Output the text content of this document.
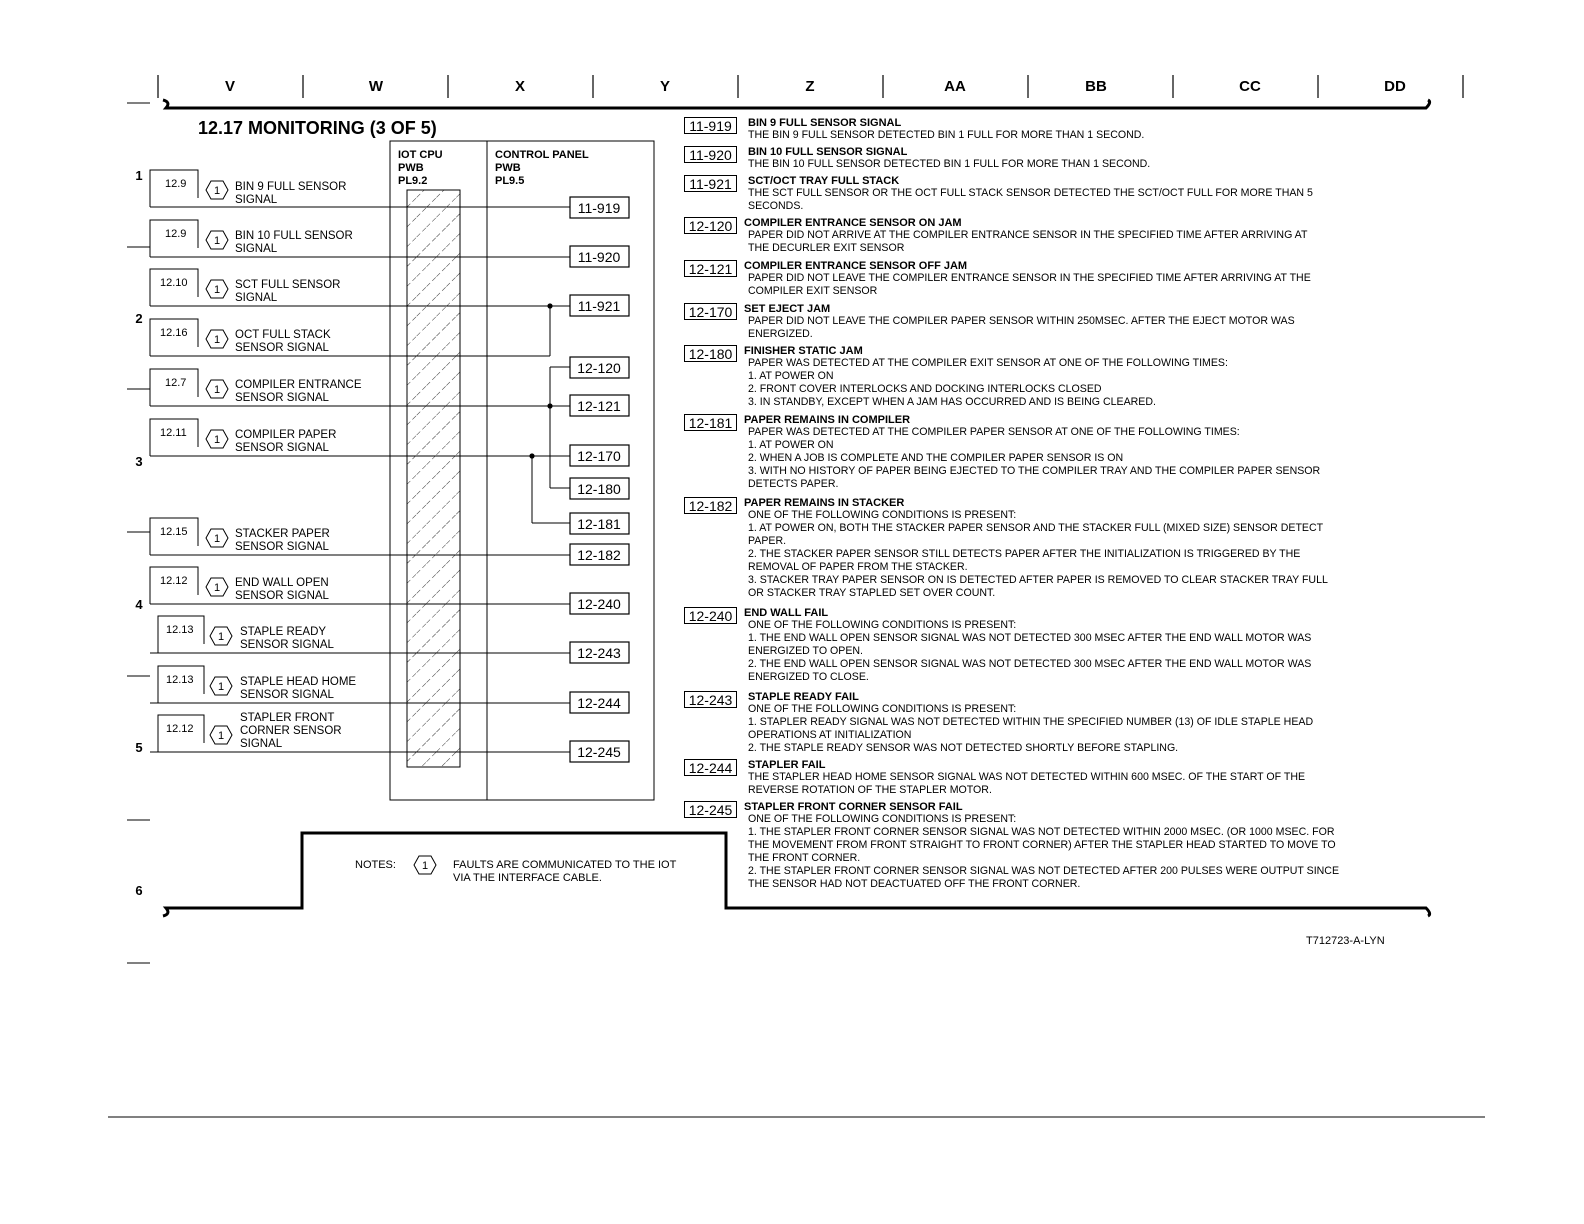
V	W	X	Y	Z	AA	BB	CC	DD
1
2
3
4
5
6
12.17 MONITORING (3 OF 5)
IOT CPU
PWB
PL9.2
CONTROL PANEL
PWB
PL9.5
12.9
1 BIN 9 FULL SENSOR
SIGNAL
12.9
1 BIN 10 FULL SENSOR
SIGNAL
12.10
1 SCT FULL SENSOR
SIGNAL
12.16
1 OCT FULL STACK
SENSOR SIGNAL
12.7
1 COMPILER ENTRANCE
SENSOR SIGNAL
12.11
1 COMPILER PAPER
SENSOR SIGNAL
12.15
1 STACKER PAPER
SENSOR SIGNAL
12.12
1 END WALL OPEN
SENSOR SIGNAL
12.13
1 STAPLE READY
SENSOR SIGNAL
12.13
1 STAPLE HEAD HOME
SENSOR SIGNAL
12.12
1
STAPLER FRONT
CORNER SENSOR
SIGNAL
11-919
11-920
11-921
12-120
12-121
12-170
12-180
12-181
12-182
12-240
12-243
12-244
12-245
NOTES: 1 FAULTS ARE COMMUNICATED TO THE IOT
VIA THE INTERFACE CABLE.
T712723-A-LYN
11-919	BIN 9 FULL SENSOR SIGNAL
THE BIN 9 FULL SENSOR DETECTED BIN 1 FULL FOR MORE THAN 1 SECOND.
11-920	BIN 10 FULL SENSOR SIGNAL
THE BIN 10 FULL SENSOR DETECTED BIN 1 FULL FOR MORE THAN 1 SECOND.
11-921	SCT/OCT TRAY FULL STACK
THE SCT FULL SENSOR OR THE OCT FULL STACK SENSOR DETECTED THE SCT/OCT FULL FOR MORE THAN 5
SECONDS.
12-120	COMPILER ENTRANCE SENSOR ON JAM
PAPER DID NOT ARRIVE AT THE COMPILER ENTRANCE SENSOR IN THE SPECIFIED TIME AFTER ARRIVING AT
THE DECURLER EXIT SENSOR
12-121	COMPILER ENTRANCE SENSOR OFF JAM
PAPER DID NOT LEAVE THE COMPILER ENTRANCE SENSOR IN THE SPECIFIED TIME AFTER ARRIVING AT THE
COMPILER EXIT SENSOR
12-170	SET EJECT JAM
PAPER DID NOT LEAVE THE COMPILER PAPER SENSOR WITHIN 250MSEC. AFTER THE EJECT MOTOR WAS
ENERGIZED.
12-180	FINISHER STATIC JAM
PAPER WAS DETECTED AT THE COMPILER EXIT SENSOR AT ONE OF THE FOLLOWING TIMES:
1. AT POWER ON
2. FRONT COVER INTERLOCKS AND DOCKING INTERLOCKS CLOSED
3. IN STANDBY, EXCEPT WHEN A JAM HAS OCCURRED AND IS BEING CLEARED.
12-181	PAPER REMAINS IN COMPILER
PAPER WAS DETECTED AT THE COMPILER PAPER SENSOR AT ONE OF THE FOLLOWING TIMES:
1. AT POWER ON
2. WHEN A JOB IS COMPLETE AND THE COMPILER PAPER SENSOR IS ON
3. WITH NO HISTORY OF PAPER BEING EJECTED TO THE COMPILER TRAY AND THE COMPILER PAPER SENSOR
DETECTS PAPER.
12-182	PAPER REMAINS IN STACKER
ONE OF THE FOLLOWING CONDITIONS IS PRESENT:
1. AT POWER ON, BOTH THE STACKER PAPER SENSOR AND THE STACKER FULL (MIXED SIZE) SENSOR DETECT
PAPER.
2. THE STACKER PAPER SENSOR STILL DETECTS PAPER AFTER THE INITIALIZATION IS TRIGGERED BY THE
REMOVAL OF PAPER FROM THE STACKER.
3. STACKER TRAY PAPER SENSOR ON IS DETECTED AFTER PAPER IS REMOVED TO CLEAR STACKER TRAY FULL
OR STACKER TRAY STAPLED SET OVER COUNT.
12-240	END WALL FAIL
ONE OF THE FOLLOWING CONDITIONS IS PRESENT:
1. THE END WALL OPEN SENSOR SIGNAL WAS NOT DETECTED 300 MSEC AFTER THE END WALL MOTOR WAS
ENERGIZED TO OPEN.
2. THE END WALL OPEN SENSOR SIGNAL WAS NOT DETECTED 300 MSEC AFTER THE END WALL MOTOR WAS
ENERGIZED TO CLOSE.
12-243	STAPLE READY FAIL
ONE OF THE FOLLOWING CONDITIONS IS PRESENT:
1. STAPLER READY SIGNAL WAS NOT DETECTED WITHIN THE SPECIFIED NUMBER (13) OF IDLE STAPLE HEAD
OPERATIONS AT INITIALIZATION
2. THE STAPLE READY SENSOR WAS NOT DETECTED SHORTLY BEFORE STAPLING.
12-244	STAPLER FAIL
THE STAPLER HEAD HOME SENSOR SIGNAL WAS NOT DETECTED WITHIN 600 MSEC. OF THE START OF THE
REVERSE ROTATION OF THE STAPLER MOTOR.
12-245	STAPLER FRONT CORNER SENSOR FAIL
ONE OF THE FOLLOWING CONDITIONS IS PRESENT:
1. THE STAPLER FRONT CORNER SENSOR SIGNAL WAS NOT DETECTED WITHIN 2000 MSEC. (OR 1000 MSEC. FOR
THE MOVEMENT FROM FRONT STRAIGHT TO FRONT CORNER) AFTER THE STAPLER HEAD STARTED TO MOVE TO
THE FRONT CORNER.
2. THE STAPLER FRONT CORNER SENSOR SIGNAL WAS NOT DETECTED AFTER 200 PULSES WERE OUTPUT SINCE
THE SENSOR HAD NOT DEACTUATED OFF THE FRONT CORNER.
